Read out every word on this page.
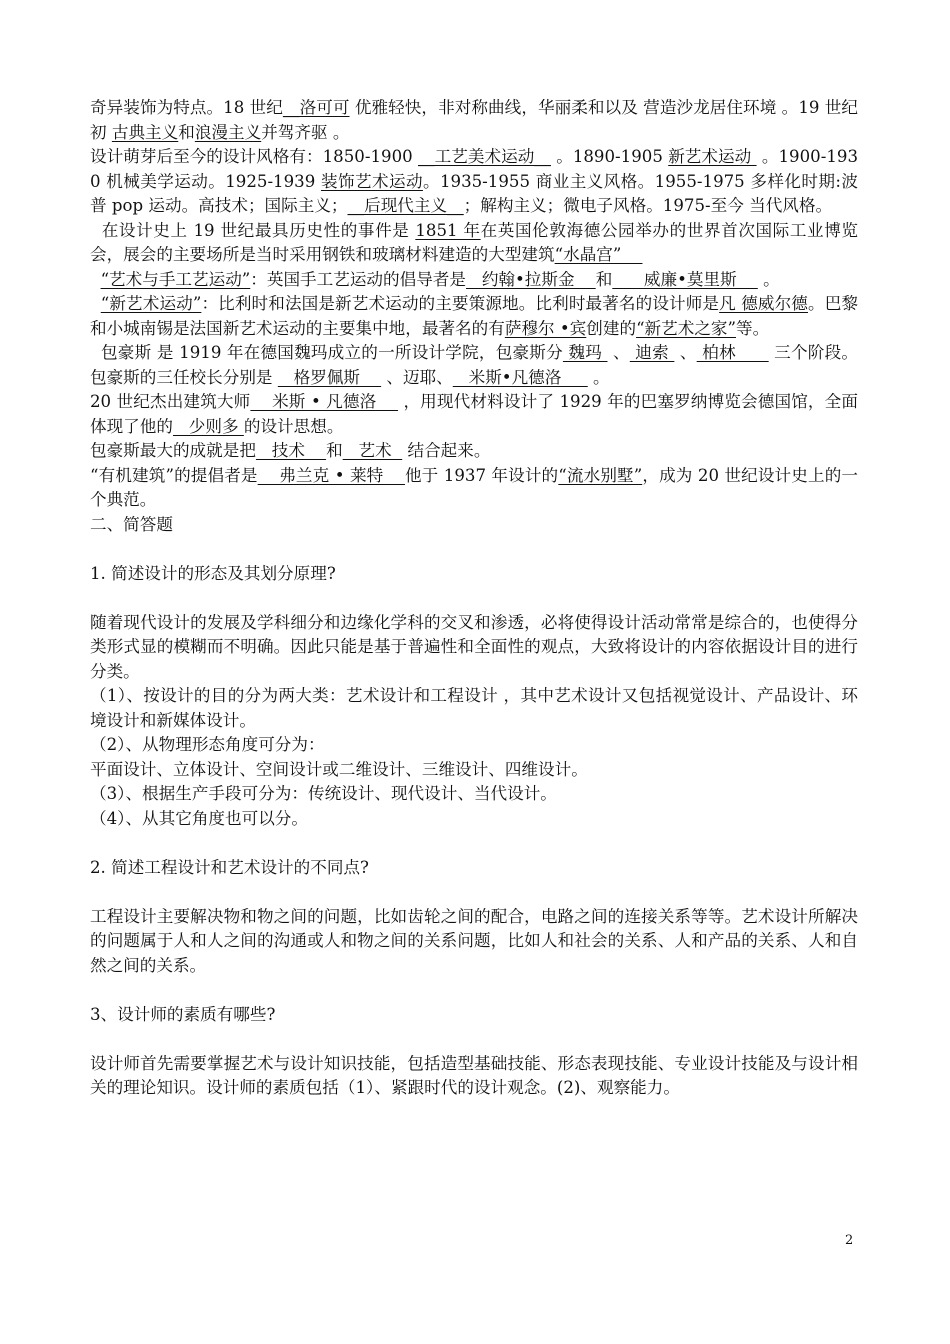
奇异装饰为特点。18 世纪__洛可可 优雅轻快，非对称曲线，华丽柔和以及 营造沙龙居住环境 。19 世纪初 古典主义和浪漫主义并驾齐驱 。

设计萌芽后至今的设计风格有：1850-1900 __工艺美术运动__ 。1890-1905 新艺术运动  。1900-1930 机械美学运动。1925-1939 装饰艺术运动。1935-1955 商业主义风格。1955-1975 多样化时期:波普 pop 运动。高技术；国际主义；__后现代主义__；解构主义；微电子风格。1975-至今 当代风格。

在设计史上 19 世纪最具历史性的事件是 1851 年在英国伦敦海德公园举办的世界首次国际工业博览会，展会的主要场所是当时采用钢铁和玻璃材料建造的大型建筑“水晶宫”

“艺术与手工艺运动”：英国手工艺运动的倡导者是   约翰•拉斯金    和      威廉•莫里斯     。

“新艺术运动”：比利时和法国是新艺术运动的主要策源地。比利时最著名的设计师是凡 德威尔德。巴黎和小城南锡是法国新艺术运动的主要集中地，最著名的有萨穆尔 •宾创建的“新艺术之家”等。

包豪斯 是 1919 年在德国魏玛成立的一所设计学院，包豪斯分 魏玛  、 迪索  、 柏林       三个阶段。包豪斯的三任校长分别是    格罗佩斯     、迈耶、   米斯•凡德洛      。

20 世纪杰出建筑大师    米斯 • 凡德洛     ，用现代材料设计了 1929 年的巴塞罗纳博览会德国馆，全面体现了他的   少则多 的设计思想。

包豪斯最大的成就是把   技术    和   艺术   结合起来。

“有机建筑”的提倡者是    弗兰克 • 莱特    他于 1937 年设计的“流水别墅”，成为 20 世纪设计史上的一个典范。

二、简答题

1. 简述设计的形态及其划分原理?

随着现代设计的发展及学科细分和边缘化学科的交叉和渗透，必将使得设计活动常常是综合的，也使得分类形式显的模糊而不明确。因此只能是基于普遍性和全面性的观点，大致将设计的内容依据设计目的进行分类。

（1）、按设计的目的分为两大类：艺术设计和工程设计 ，其中艺术设计又包括视觉设计、产品设计、环境设计和新媒体设计。

（2）、从物理形态角度可分为：

平面设计、立体设计、空间设计或二维设计、三维设计、四维设计。

（3）、根据生产手段可分为：传统设计、现代设计、当代设计。

（4）、从其它角度也可以分。

2. 简述工程设计和艺术设计的不同点?

工程设计主要解决物和物之间的问题，比如齿轮之间的配合，电路之间的连接关系等等。艺术设计所解决的问题属于人和人之间的沟通或人和物之间的关系问题，比如人和社会的关系、人和产品的关系、人和自然之间的关系。

3、设计师的素质有哪些?

设计师首先需要掌握艺术与设计知识技能，包括造型基础技能、形态表现技能、专业设计技能及与设计相关的理论知识。设计师的素质包括（1）、紧跟时代的设计观念。(2)、观察能力。

2
